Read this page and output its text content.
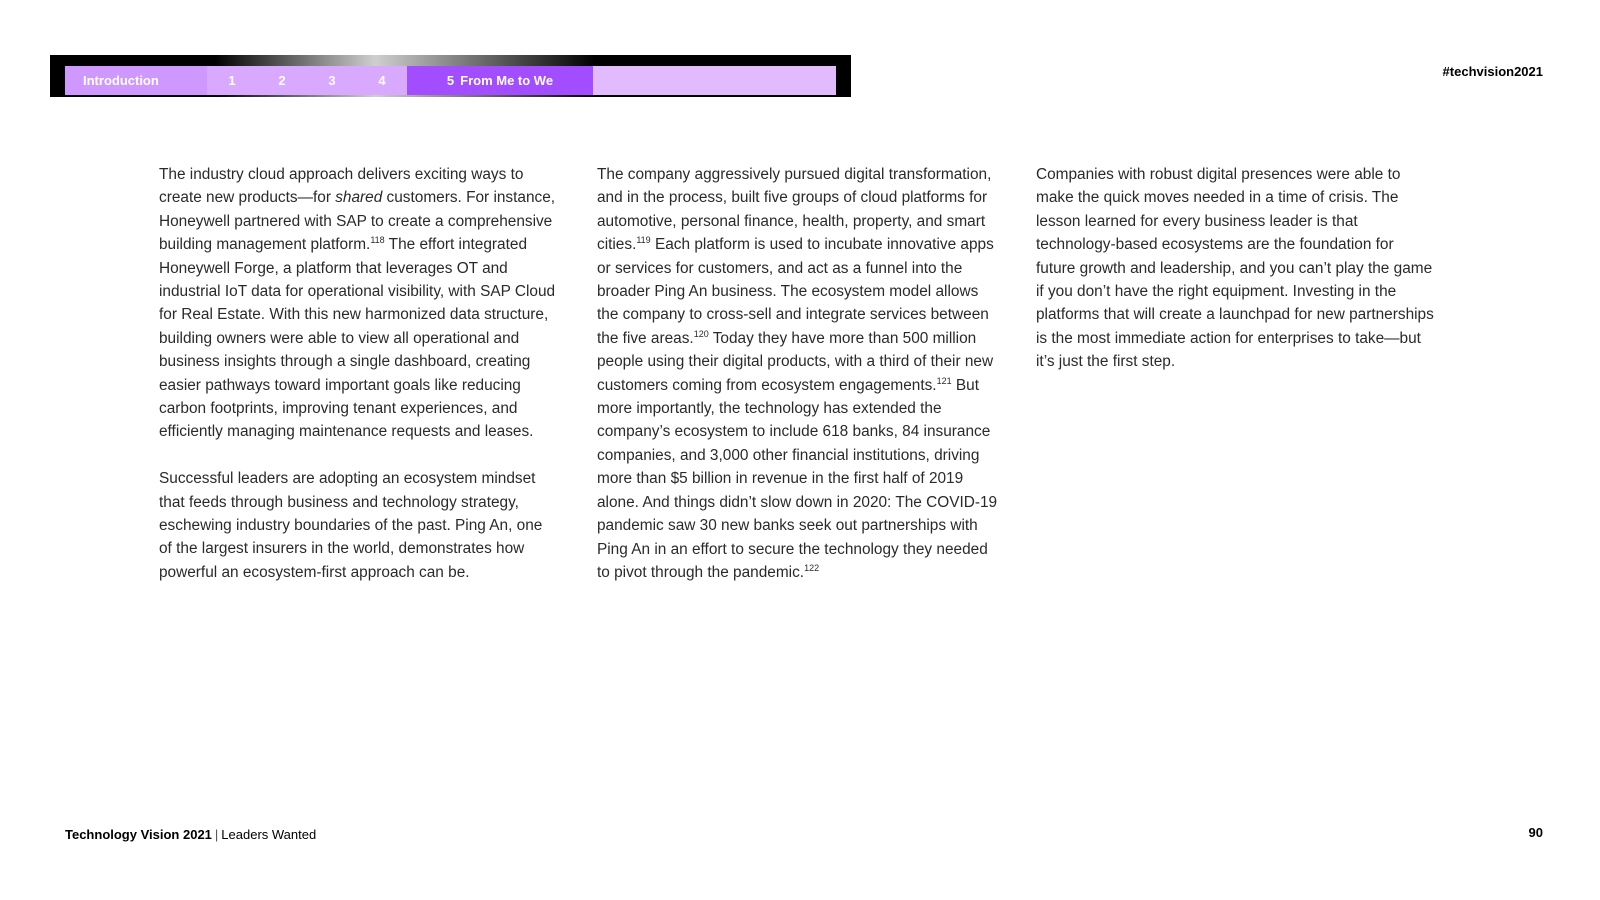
Introduction	1	2	3	4	5 From Me to We
#techvision2021

The industry cloud approach delivers exciting ways to create new products—for shared customers. For instance, Honeywell partnered with SAP to create a comprehensive building management platform.$^{118}$ The effort integrated Honeywell Forge, a platform that leverages OT and industrial IoT data for operational visibility, with SAP Cloud for Real Estate. With this new harmonized data structure, building owners were able to view all operational and business insights through a single dashboard, creating easier pathways toward important goals like reducing carbon footprints, improving tenant experiences, and efficiently managing maintenance requests and leases.

Successful leaders are adopting an ecosystem mindset that feeds through business and technology strategy, eschewing industry boundaries of the past. Ping An, one of the largest insurers in the world, demonstrates how powerful an ecosystem-first approach can be.

The company aggressively pursued digital transformation, and in the process, built five groups of cloud platforms for automotive, personal finance, health, property, and smart cities.$^{119}$ Each platform is used to incubate innovative apps or services for customers, and act as a funnel into the broader Ping An business. The ecosystem model allows the company to cross-sell and integrate services between the five areas.$^{120}$ Today they have more than 500 million people using their digital products, with a third of their new customers coming from ecosystem engagements.$^{121}$ But more importantly, the technology has extended the company’s ecosystem to include 618 banks, 84 insurance companies, and 3,000 other financial institutions, driving more than $5 billion in revenue in the first half of 2019 alone. And things didn’t slow down in 2020: The COVID-19 pandemic saw 30 new banks seek out partnerships with Ping An in an effort to secure the technology they needed to pivot through the pandemic.$^{122}$

Companies with robust digital presences were able to make the quick moves needed in a time of crisis. The lesson learned for every business leader is that technology-based ecosystems are the foundation for future growth and leadership, and you can’t play the game if you don’t have the right equipment. Investing in the platforms that will create a launchpad for new partnerships is the most immediate action for enterprises to take—but it’s just the first step.

Technology Vision 2021 | Leaders Wanted	90
